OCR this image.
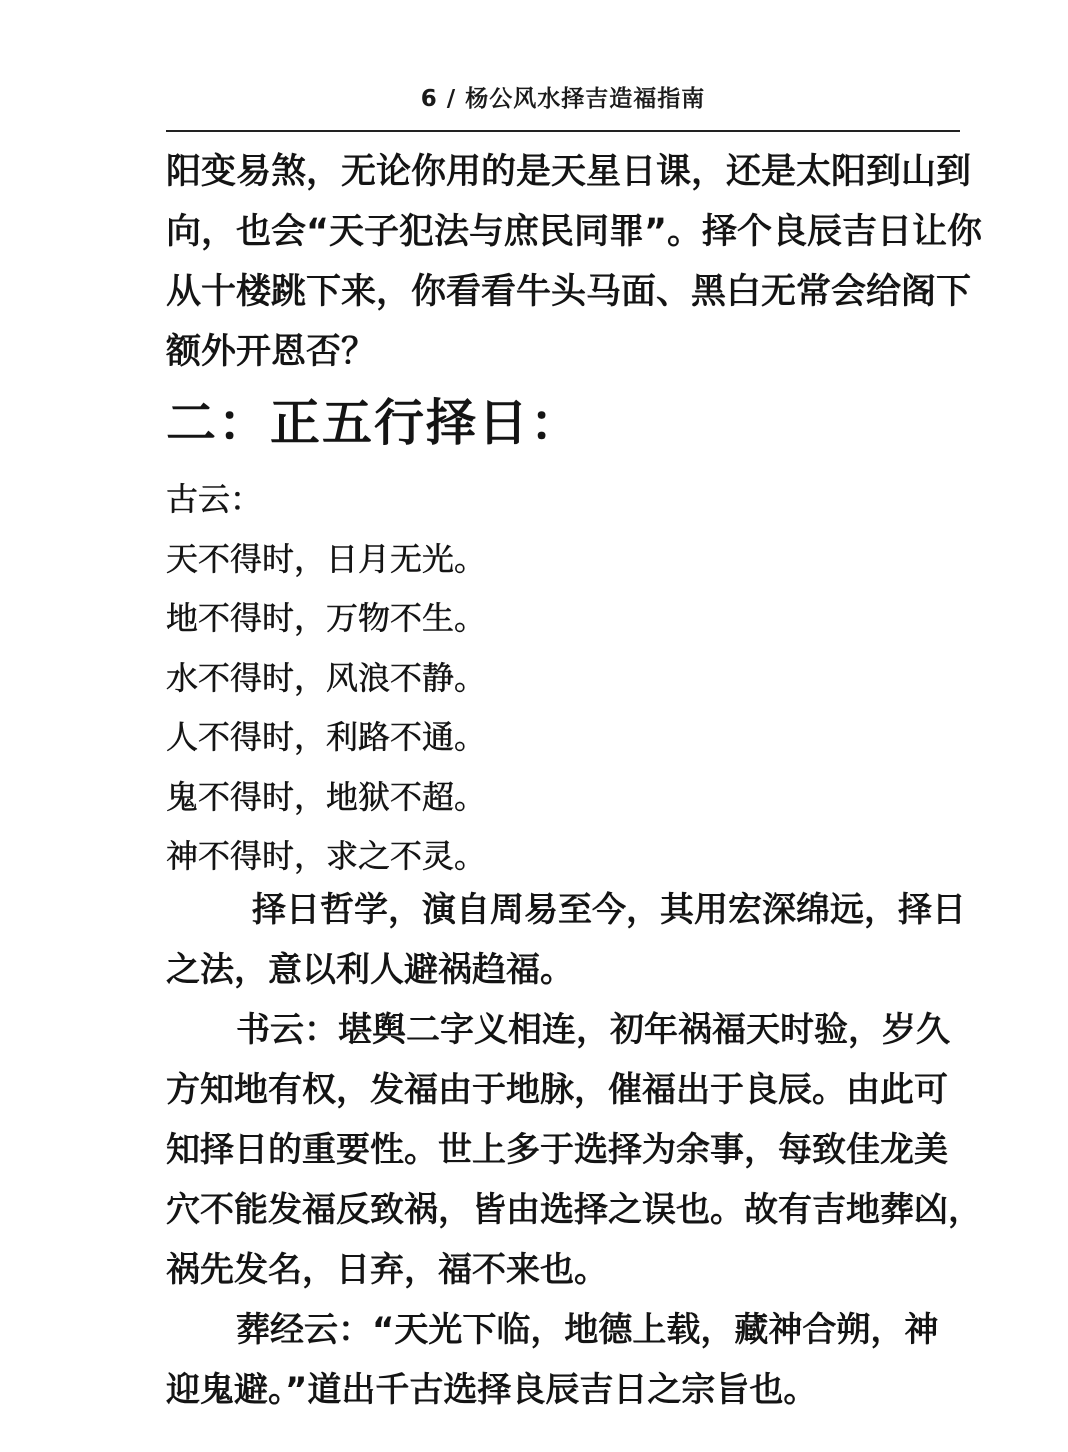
6 / 杨公风水择吉造福指南

阳变易煞，无论你用的是天星日课，还是太阳到山到
向，也会“天子犯法与庶民同罪”。择个良辰吉日让你
从十楼跳下来，你看看牛头马面、黑白无常会给阁下
额外开恩否？

二：正五行择日：
古云：
天不得时，日月无光。
地不得时，万物不生。
水不得时，风浪不静。
人不得时，利路不通。
鬼不得时，地狱不超。
神不得时，求之不灵。

择日哲学，演自周易至今，其用宏深绵远，择日
之法，意以利人避祸趋福。

书云：堪舆二字义相连，初年祸福天时验，岁久
方知地有权，发福由于地脉，催福出于良辰。由此可
知择日的重要性。世上多于选择为余事，每致佳龙美
穴不能发福反致祸，皆由选择之误也。故有吉地葬凶，
祸先发名，日弃，福不来也。

葬经云：“天光下临，地德上载，藏神合朔，神
迎鬼避。”道出千古选择良辰吉日之宗旨也。
